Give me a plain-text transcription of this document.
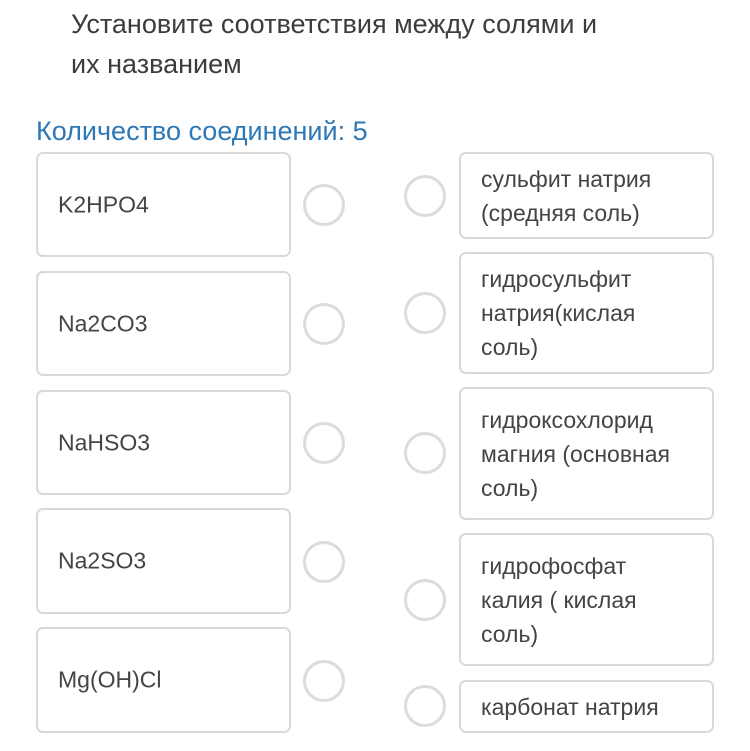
Установите соответствия между солями и
их названием
Количество соединений: 5
K2HPO4
Na2CO3
NaHSO3
Na2SO3
Mg(OH)Cl
сульфит натрия
(средняя соль)
гидросульфит
натрия(кислая
соль)
гидроксохлорид
магния (основная
соль)
гидрофосфат
калия ( кислая
соль)
карбонат натрия
